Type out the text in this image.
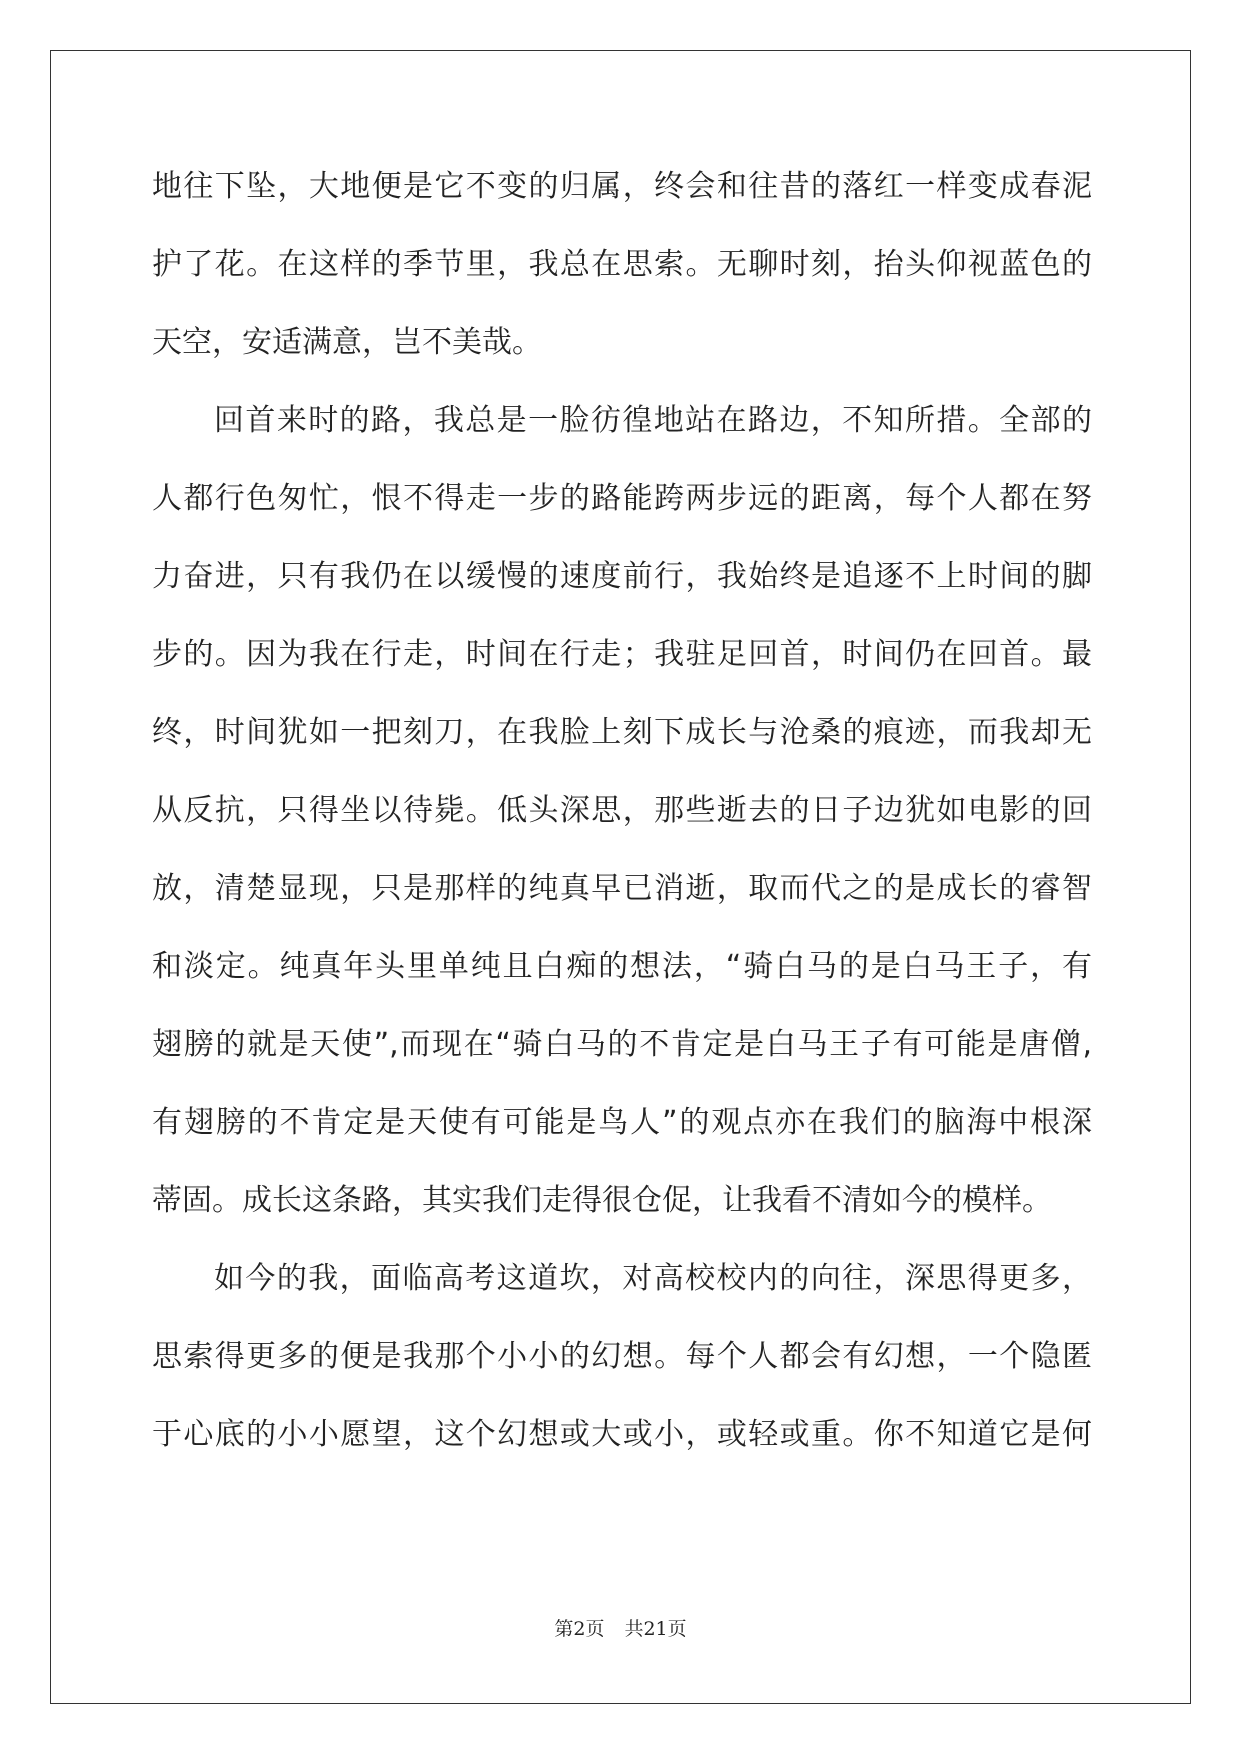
地往下坠，大地便是它不变的归属，终会和往昔的落红一样变成春泥
护了花。在这样的季节里，我总在思索。无聊时刻，抬头仰视蓝色的
天空，安适满意，岂不美哉。
回首来时的路，我总是一脸彷徨地站在路边，不知所措。全部的
人都行色匆忙，恨不得走一步的路能跨两步远的距离，每个人都在努
力奋进，只有我仍在以缓慢的速度前行，我始终是追逐不上时间的脚
步的。因为我在行走，时间在行走；我驻足回首，时间仍在回首。最
终，时间犹如一把刻刀，在我脸上刻下成长与沧桑的痕迹，而我却无
从反抗，只得坐以待毙。低头深思，那些逝去的日子边犹如电影的回
放，清楚显现，只是那样的纯真早已消逝，取而代之的是成长的睿智
和淡定。纯真年头里单纯且白痴的想法，“骑白马的是白马王子，有
翅膀的就是天使”,而现在“骑白马的不肯定是白马王子有可能是唐僧,
有翅膀的不肯定是天使有可能是鸟人”的观点亦在我们的脑海中根深
蒂固。成长这条路，其实我们走得很仓促，让我看不清如今的模样。
如今的我，面临高考这道坎，对高校校内的向往，深思得更多，
思索得更多的便是我那个小小的幻想。每个人都会有幻想，一个隐匿
于心底的小小愿望，这个幻想或大或小，或轻或重。你不知道它是何
第2页 共21页
